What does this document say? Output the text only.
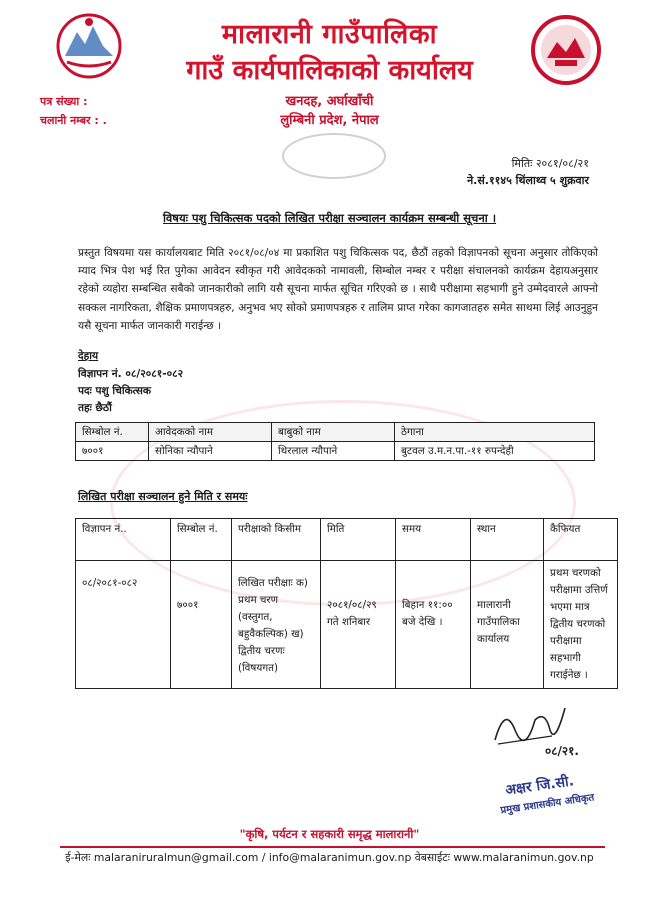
मालारानी गाउँपालिका
गाउँ कार्यपालिकाको कार्यालय
पत्र संख्या :
चलानी नम्बर : .
खनदह, अर्घाखाँची
लुम्बिनी प्रदेश, नेपाल
मितिः २०८१/०८/२१
ने.सं.११४५ थिंलाथ्व ५ शुक्रवार
विषयः पशु चिकित्सक पदको लिखित परीक्षा सञ्चालन कार्यक्रम सम्बन्धी सूचना ।
प्रस्तुत विषयमा यस कार्यालयबाट मिति २०८१/०८/०४ मा प्रकाशित पशु चिकित्सक पद, छैठौं तहको विज्ञापनको सूचना अनुसार तोकिएको म्याद भित्र पेश भई रित पुगेका आवेदन स्वीकृत गरी आवेदकको नामावली, सिम्बोल नम्बर र परीक्षा संचालनको कार्यक्रम देहायअनुसार रहेको व्यहोरा सम्बन्धित सबैको जानकारीको लागि यसै सूचना मार्फत सूचित गरिएको छ । साथै परीक्षामा सहभागी हुने उम्मेदवारले आफ्नो सक्कल नागरिकता, शैक्षिक प्रमाणपत्रहरु, अनुभव भए सोको प्रमाणपत्रहरु र तालिम प्राप्त गरेका कागजातहरु समेत साथमा लिई आउनुहुन यसै सूचना मार्फत जानकारी गराईन्छ ।
देहाय
विज्ञापन नं. ०८/२०८१-०८२
पदः पशु चिकित्सक
तहः छैठौं
सिम्बोल नं.	आवेदककाे नाम	बाबुको नाम	ठेगाना
७००१	सोनिका न्यौपाने	थिरलाल न्यौपाने	बुटवल उ.म.न.पा.-११ रुपन्देही
लिखित परीक्षा सञ्चालन हुने मिति र समयः
विज्ञापन नं..	सिम्बोल नं.	परीक्षाको किसीम	मिति	समय	स्थान	कैफियत
०८/२०८१-०८२	७००१	लिखित परीक्षाः क) प्रथम चरण (वस्तुगत, बहुवैकल्पिक) ख) द्वितीय चरणः (विषयगत)	२०८१/०८/२९ गते शनिबार	बिहान ११:०० बजे देखि ।	मालारानी गाउँपालिका कार्यालय	प्रथम चरणको परीक्षामा उत्तिर्ण भएमा मात्र द्वितीय चरणको परीक्षामा सहभागी गराईनेछ ।
०८/२१.
अक्षर जि.सी.
प्रमुख प्रशासकीय अधिकृत
"कृषि, पर्यटन र सहकारी समृद्ध मालारानी"
ई-मेलः malaraniruralmun@gmail.com / info@malaranimun.gov.np वेबसाईटः www.malaranimun.gov.np
